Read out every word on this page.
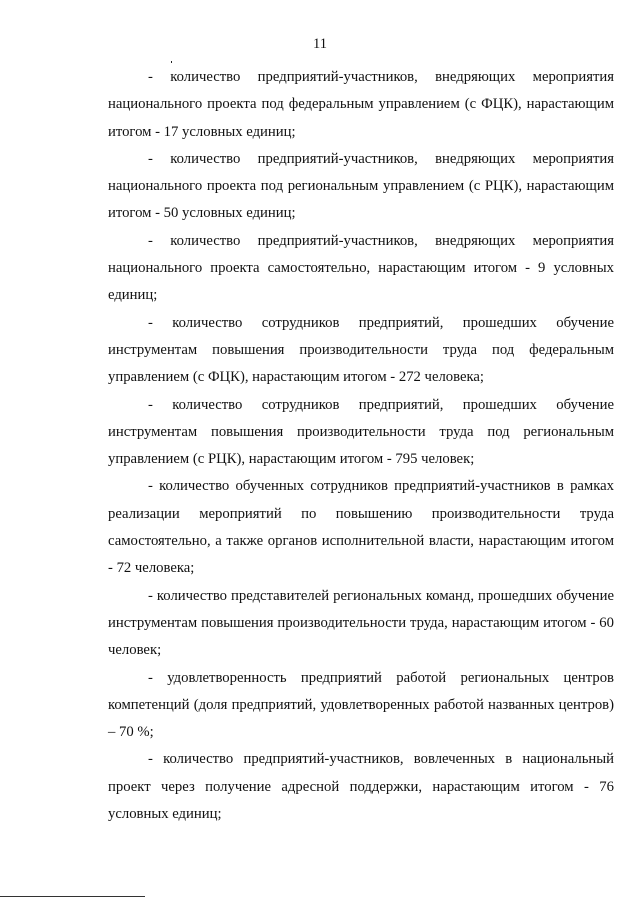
11

- количество предприятий-участников, внедряющих мероприятия национального проекта под федеральным управлением (с ФЦК), нарастающим итогом - 17 условных единиц;

- количество предприятий-участников, внедряющих мероприятия национального проекта под региональным управлением (с РЦК), нарастающим итогом - 50 условных единиц;

- количество предприятий-участников, внедряющих мероприятия национального проекта самостоятельно, нарастающим итогом - 9 условных единиц;

- количество сотрудников предприятий, прошедших обучение инструментам повышения производительности труда под федеральным управлением (с ФЦК), нарастающим итогом - 272 человека;

- количество сотрудников предприятий, прошедших обучение инструментам повышения производительности труда под региональным управлением (с РЦК), нарастающим итогом - 795 человек;

- количество обученных сотрудников предприятий-участников в рамках реализации мероприятий по повышению производительности труда самостоятельно, а также органов исполнительной власти, нарастающим итогом - 72 человека;

- количество представителей региональных команд, прошедших обучение инструментам повышения производительности труда, нарастающим итогом - 60 человек;

- удовлетворенность предприятий работой региональных центров компетенций (доля предприятий, удовлетворенных работой названных центров) – 70 %;

- количество предприятий-участников, вовлеченных в национальный проект через получение адресной поддержки, нарастающим итогом - 76 условных единиц;
